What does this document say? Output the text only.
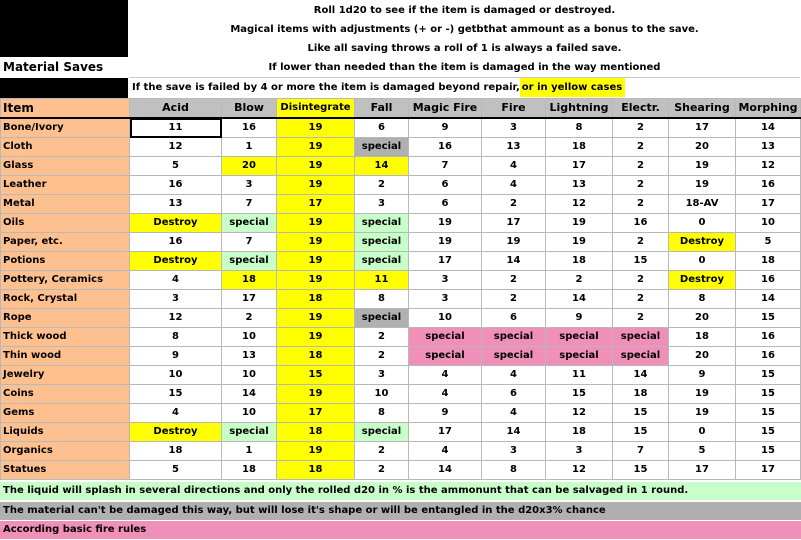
Roll 1d20 to see if the item is damaged or destroyed.
Magical items with adjustments (+ or -) getbthat ammount as a bonus to the save.
Like all saving throws a roll of 1 is always a failed save.
If lower than needed than the item is damaged in the way mentioned
Material Saves
If the save is failed by 4 or more the item is damaged beyond repair, or in yellow cases
Item	Acid	Blow	Disintegrate	Fall	Magic Fire	Fire	Lightning	Electr.	Shearing	Morphing
Bone/Ivory	11	16	19	6	9	3	8	2	17	14
Cloth	12	1	19	special	16	13	18	2	20	13
Glass	5	20	19	14	7	4	17	2	19	12
Leather	16	3	19	2	6	4	13	2	19	16
Metal	13	7	17	3	6	2	12	2	18-AV	17
Oils	Destroy	special	19	special	19	17	19	16	0	10
Paper, etc.	16	7	19	special	19	19	19	2	Destroy	5
Potions	Destroy	special	19	special	17	14	18	15	0	18
Pottery, Ceramics	4	18	19	11	3	2	2	2	Destroy	16
Rock, Crystal	3	17	18	8	3	2	14	2	8	14
Rope	12	2	19	special	10	6	9	2	20	15
Thick wood	8	10	19	2	special	special	special	special	18	16
Thin wood	9	13	18	2	special	special	special	special	20	16
Jewelry	10	10	15	3	4	4	11	14	9	15
Coins	15	14	19	10	4	6	15	18	19	15
Gems	4	10	17	8	9	4	12	15	19	15
Liquids	Destroy	special	18	special	17	14	18	15	0	15
Organics	18	1	19	2	4	3	3	7	5	15
Statues	5	18	18	2	14	8	12	15	17	17
The liquid will splash in several directions and only the rolled d20 in % is the ammonunt that can be salvaged in 1 round.
The material can't be damaged this way, but will lose it's shape or will be entangled in the d20x3% chance
According basic fire rules
